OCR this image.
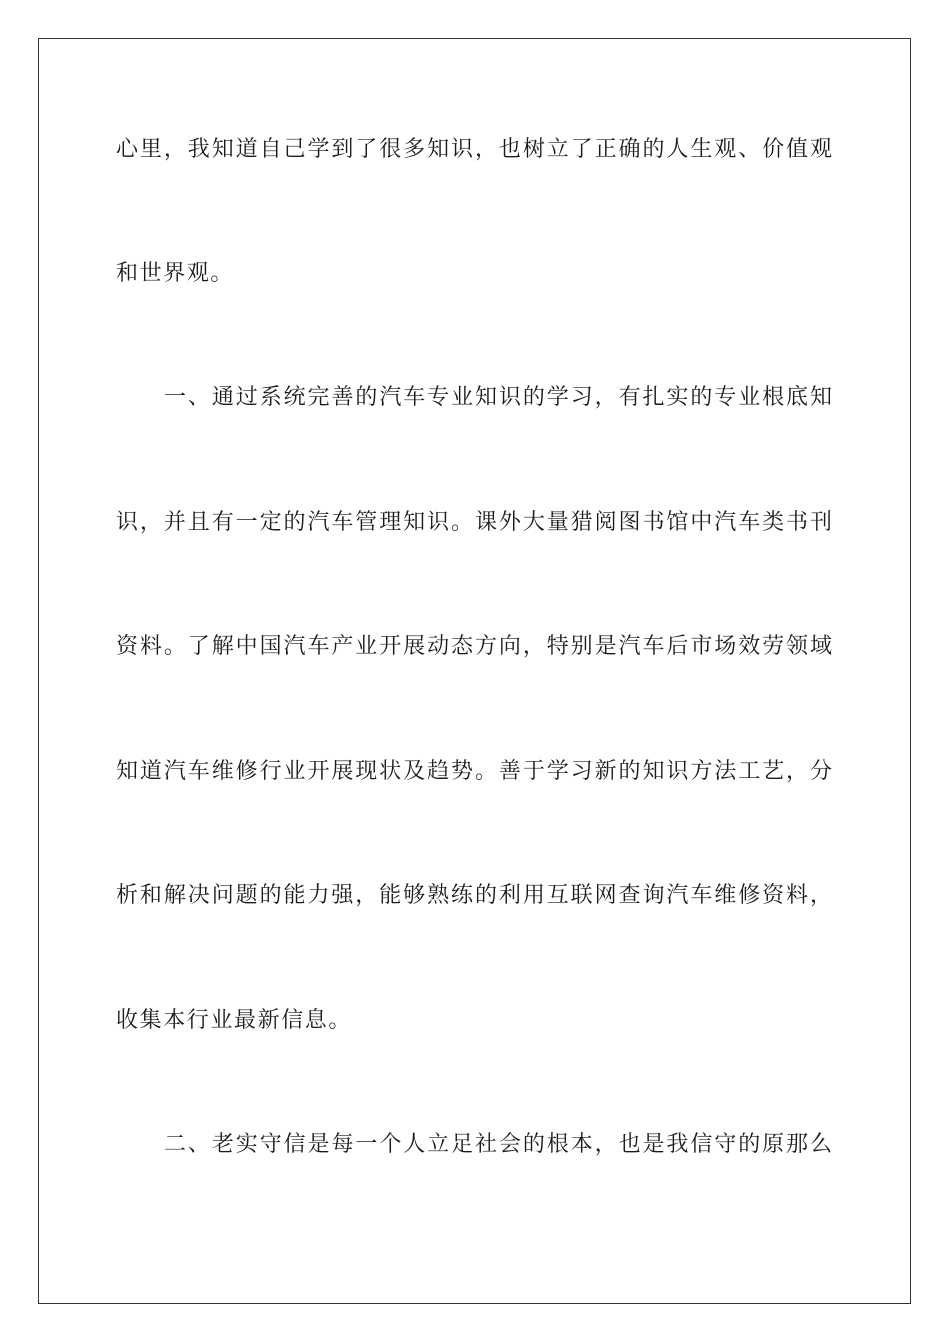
心里，我知道自己学到了很多知识，也树立了正确的人生观、价值观
和世界观。
一、通过系统完善的汽车专业知识的学习，有扎实的专业根底知
识，并且有一定的汽车管理知识。课外大量猎阅图书馆中汽车类书刊
资料。了解中国汽车产业开展动态方向，特别是汽车后市场效劳领域
知道汽车维修行业开展现状及趋势。善于学习新的知识方法工艺，分
析和解决问题的能力强，能够熟练的利用互联网查询汽车维修资料，
收集本行业最新信息。
二、老实守信是每一个人立足社会的根本，也是我信守的原那么
